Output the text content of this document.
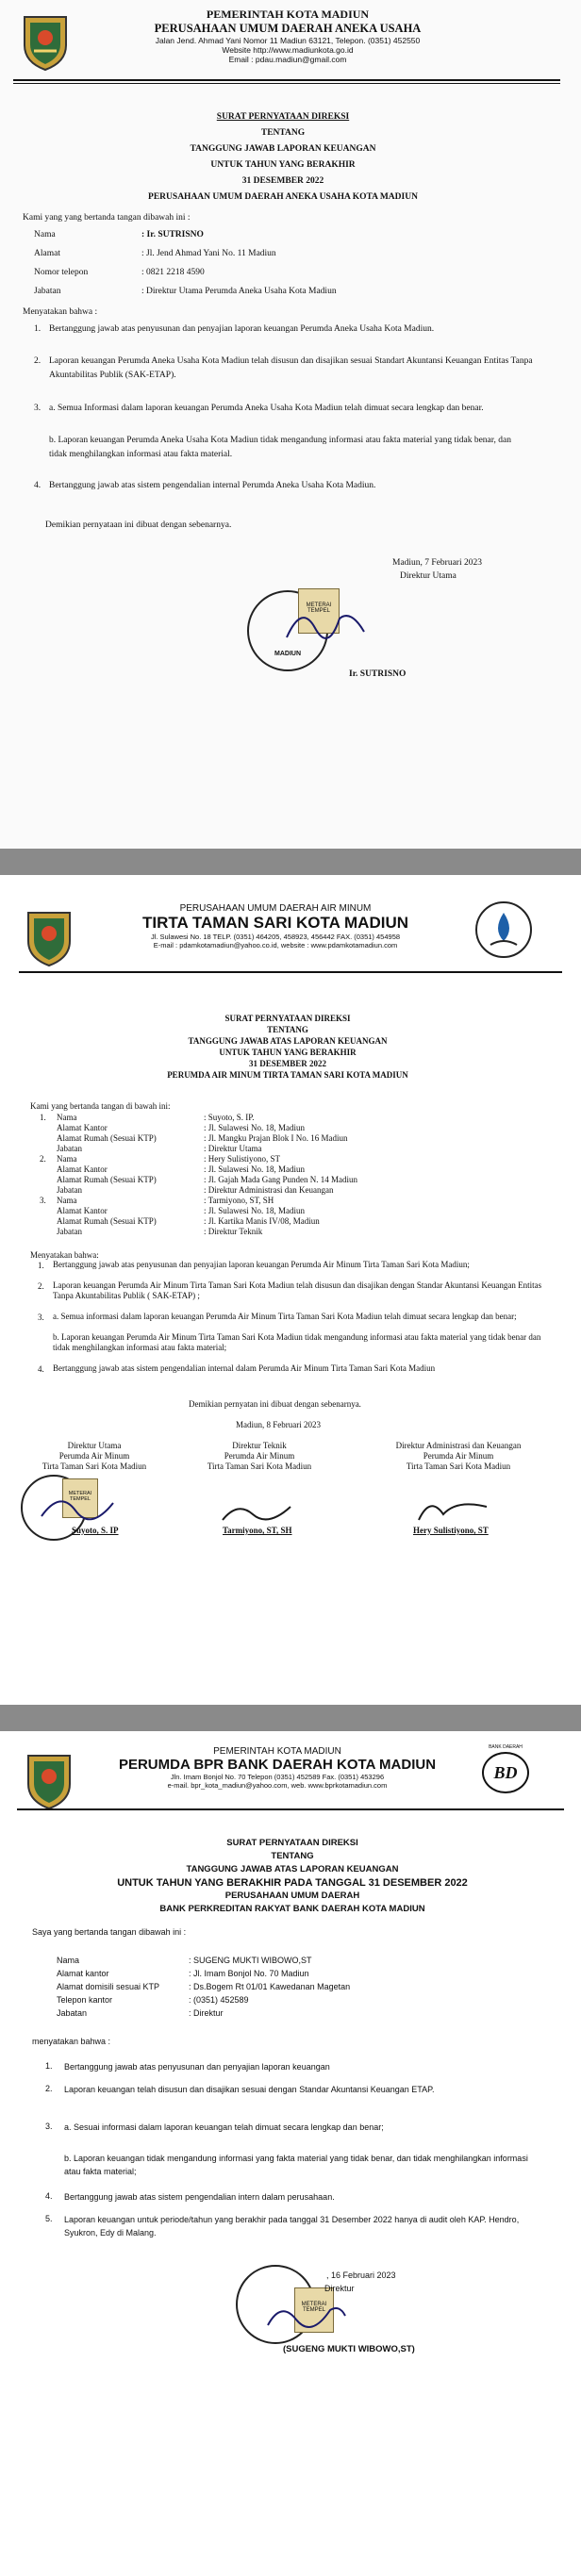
PEMERINTAH KOTA MADIUN
PERUSAHAAN UMUM DAERAH ANEKA USAHA
Jalan Jend. Ahmad Yani Nomor 11 Madiun 63121, Telepon. (0351) 452550
Website http://www.madiunkota.go.id
Email : pdau.madiun@gmail.com
SURAT PERNYATAAN DIREKSI
TENTANG
TANGGUNG JAWAB LAPORAN KEUANGAN
UNTUK TAHUN YANG BERAKHIR
31 DESEMBER 2022
PERUSAHAAN UMUM DAERAH ANEKA USAHA KOTA MADIUN
Kami yang yang bertanda tangan dibawah ini :
Nama	: Ir. SUTRISNO
Alamat	: Jl. Jend Ahmad Yani No. 11 Madiun
Nomor telepon	: 0821 2218 4590
Jabatan	: Direktur Utama Perumda Aneka Usaha Kota Madiun
Menyatakan bahwa :
1. Bertanggung jawab atas penyusunan dan penyajian laporan keuangan Perumda Aneka Usaha Kota Madiun.
2. Laporan keuangan Perumda Aneka Usaha Kota Madiun telah disusun dan disajikan sesuai Standart Akuntansi Keuangan Entitas Tanpa Akuntabilitas Publik (SAK-ETAP).
3. a. Semua Informasi dalam laporan keuangan Perumda Aneka Usaha Kota Madiun telah dimuat secara lengkap dan benar.
b. Laporan keuangan Perumda Aneka Usaha Kota Madiun tidak mengandung informasi atau fakta material yang tidak benar, dan tidak menghilangkan informasi atau fakta material.
4. Bertanggung jawab atas sistem pengendalian internal Perumda Aneka Usaha Kota Madiun.
Demikian pernyataan ini dibuat dengan sebenarnya.
Madiun, 7 Februari 2023
Direktur Utama
MADIUN
METERAI TEMPEL
Ir. SUTRISNO
PERUSAHAAN UMUM DAERAH AIR MINUM
TIRTA TAMAN SARI KOTA MADIUN
Jl. Sulawesi No. 18 TELP. (0351) 464205, 458923, 456442 FAX. (0351) 454958
E-mail : pdamkotamadiun@yahoo.co.id, website : www.pdamkotamadiun.com
SURAT PERNYATAAN DIREKSI
TENTANG
TANGGUNG JAWAB ATAS LAPORAN KEUANGAN
UNTUK TAHUN YANG BERAKHIR
31 DESEMBER 2022
PERUMDA AIR MINUM TIRTA TAMAN SARI KOTA MADIUN
Kami yang bertanda tangan di bawah ini:
1. Nama	: Suyoto, S. IP.
Alamat Kantor	: Jl. Sulawesi No. 18, Madiun
Alamat Rumah (Sesuai KTP)	: Jl. Mangku Prajan Blok I No. 16 Madiun
Jabatan	: Direktur Utama
2. Nama	: Hery Sulistiyono, ST
Alamat Kantor	: Jl. Sulawesi No. 18, Madiun
Alamat Rumah (Sesuai KTP)	: Jl. Gajah Mada Gang Punden N. 14 Madiun
Jabatan	: Direktur Administrasi dan Keuangan
3. Nama	: Tarmiyono, ST, SH
Alamat Kantor	: Jl. Sulawesi No. 18, Madiun
Alamat Rumah (Sesuai KTP)	: Jl. Kartika Manis IV/08, Madiun
Jabatan	: Direktur Teknik
Menyatakan bahwa:
1. Bertanggung jawab atas penyusunan dan penyajian laporan keuangan Perumda Air Minum Tirta Taman Sari Kota Madiun;
2. Laporan keuangan Perumda Air Minum Tirta Taman Sari Kota Madiun telah disusun dan disajikan dengan Standar Akuntansi Keuangan Entitas Tanpa Akuntabilitas Publik ( SAK-ETAP) ;
3. a. Semua informasi dalam laporan keuangan Perumda Air Minum Tirta Taman Sari Kota Madiun telah dimuat secara lengkap dan benar;
b. Laporan keuangan Perumda Air Minum Tirta Taman Sari Kota Madiun tidak mengandung informasi atau fakta material yang tidak benar dan tidak menghilangkan informasi atau fakta material;
4. Bertanggung jawab atas sistem pengendalian internal dalam Perumda Air Minum Tirta Taman Sari Kota Madiun
Demikian pernyatan ini dibuat dengan sebenarnya.
Madiun, 8 Februari 2023
Direktur Utama
Perumda Air Minum
Tirta Taman Sari Kota Madiun
Direktur Teknik
Perumda Air Minum
Tirta Taman Sari Kota Madiun
Direktur Administrasi dan Keuangan
Perumda Air Minum
Tirta Taman Sari Kota Madiun
METERAI TEMPEL
Suyoto, S. IP	Tarmiyono, ST, SH	Hery Sulistiyono, ST
PEMERINTAH KOTA MADIUN
PERUMDA BPR BANK DAERAH KOTA MADIUN
Jln. Imam Bonjol No. 70 Telepon (0351) 452589 Fax. (0351) 453296
e-mail. bpr_kota_madiun@yahoo.com, web. www.bprkotamadiun.com
BANK DAERAH
BD
SURAT PERNYATAAN DIREKSI
TENTANG
TANGGUNG JAWAB ATAS LAPORAN KEUANGAN
UNTUK TAHUN YANG BERAKHIR PADA TANGGAL 31 DESEMBER 2022
PERUSAHAAN UMUM DAERAH
BANK PERKREDITAN RAKYAT BANK DAERAH KOTA MADIUN
Saya yang bertanda tangan dibawah ini :
Nama	: SUGENG MUKTI WIBOWO,ST
Alamat kantor	: Jl. Imam Bonjol No. 70 Madiun
Alamat domisili sesuai KTP	: Ds.Bogem Rt 01/01 Kawedanan Magetan
Telepon kantor	: (0351) 452589
Jabatan	: Direktur
menyatakan bahwa :
1. Bertanggung jawab atas penyusunan dan penyajian laporan keuangan
2. Laporan keuangan telah disusun dan disajikan sesuai dengan Standar Akuntansi Keuangan ETAP.
3. a. Sesuai informasi dalam laporan keuangan telah dimuat secara lengkap dan benar;
b. Laporan keuangan tidak mengandung informasi yang fakta material yang tidak benar, dan tidak menghilangkan informasi atau fakta material;
4. Bertanggung jawab atas sistem pengendalian intern dalam perusahaan.
5. Laporan keuangan untuk periode/tahun yang berakhir pada tanggal 31 Desember 2022 hanya di audit oleh KAP. Hendro, Syukron, Edy di Malang.
METERAI TEMPEL
, 16 Februari 2023
Direktur
(SUGENG MUKTI WIBOWO,ST)
